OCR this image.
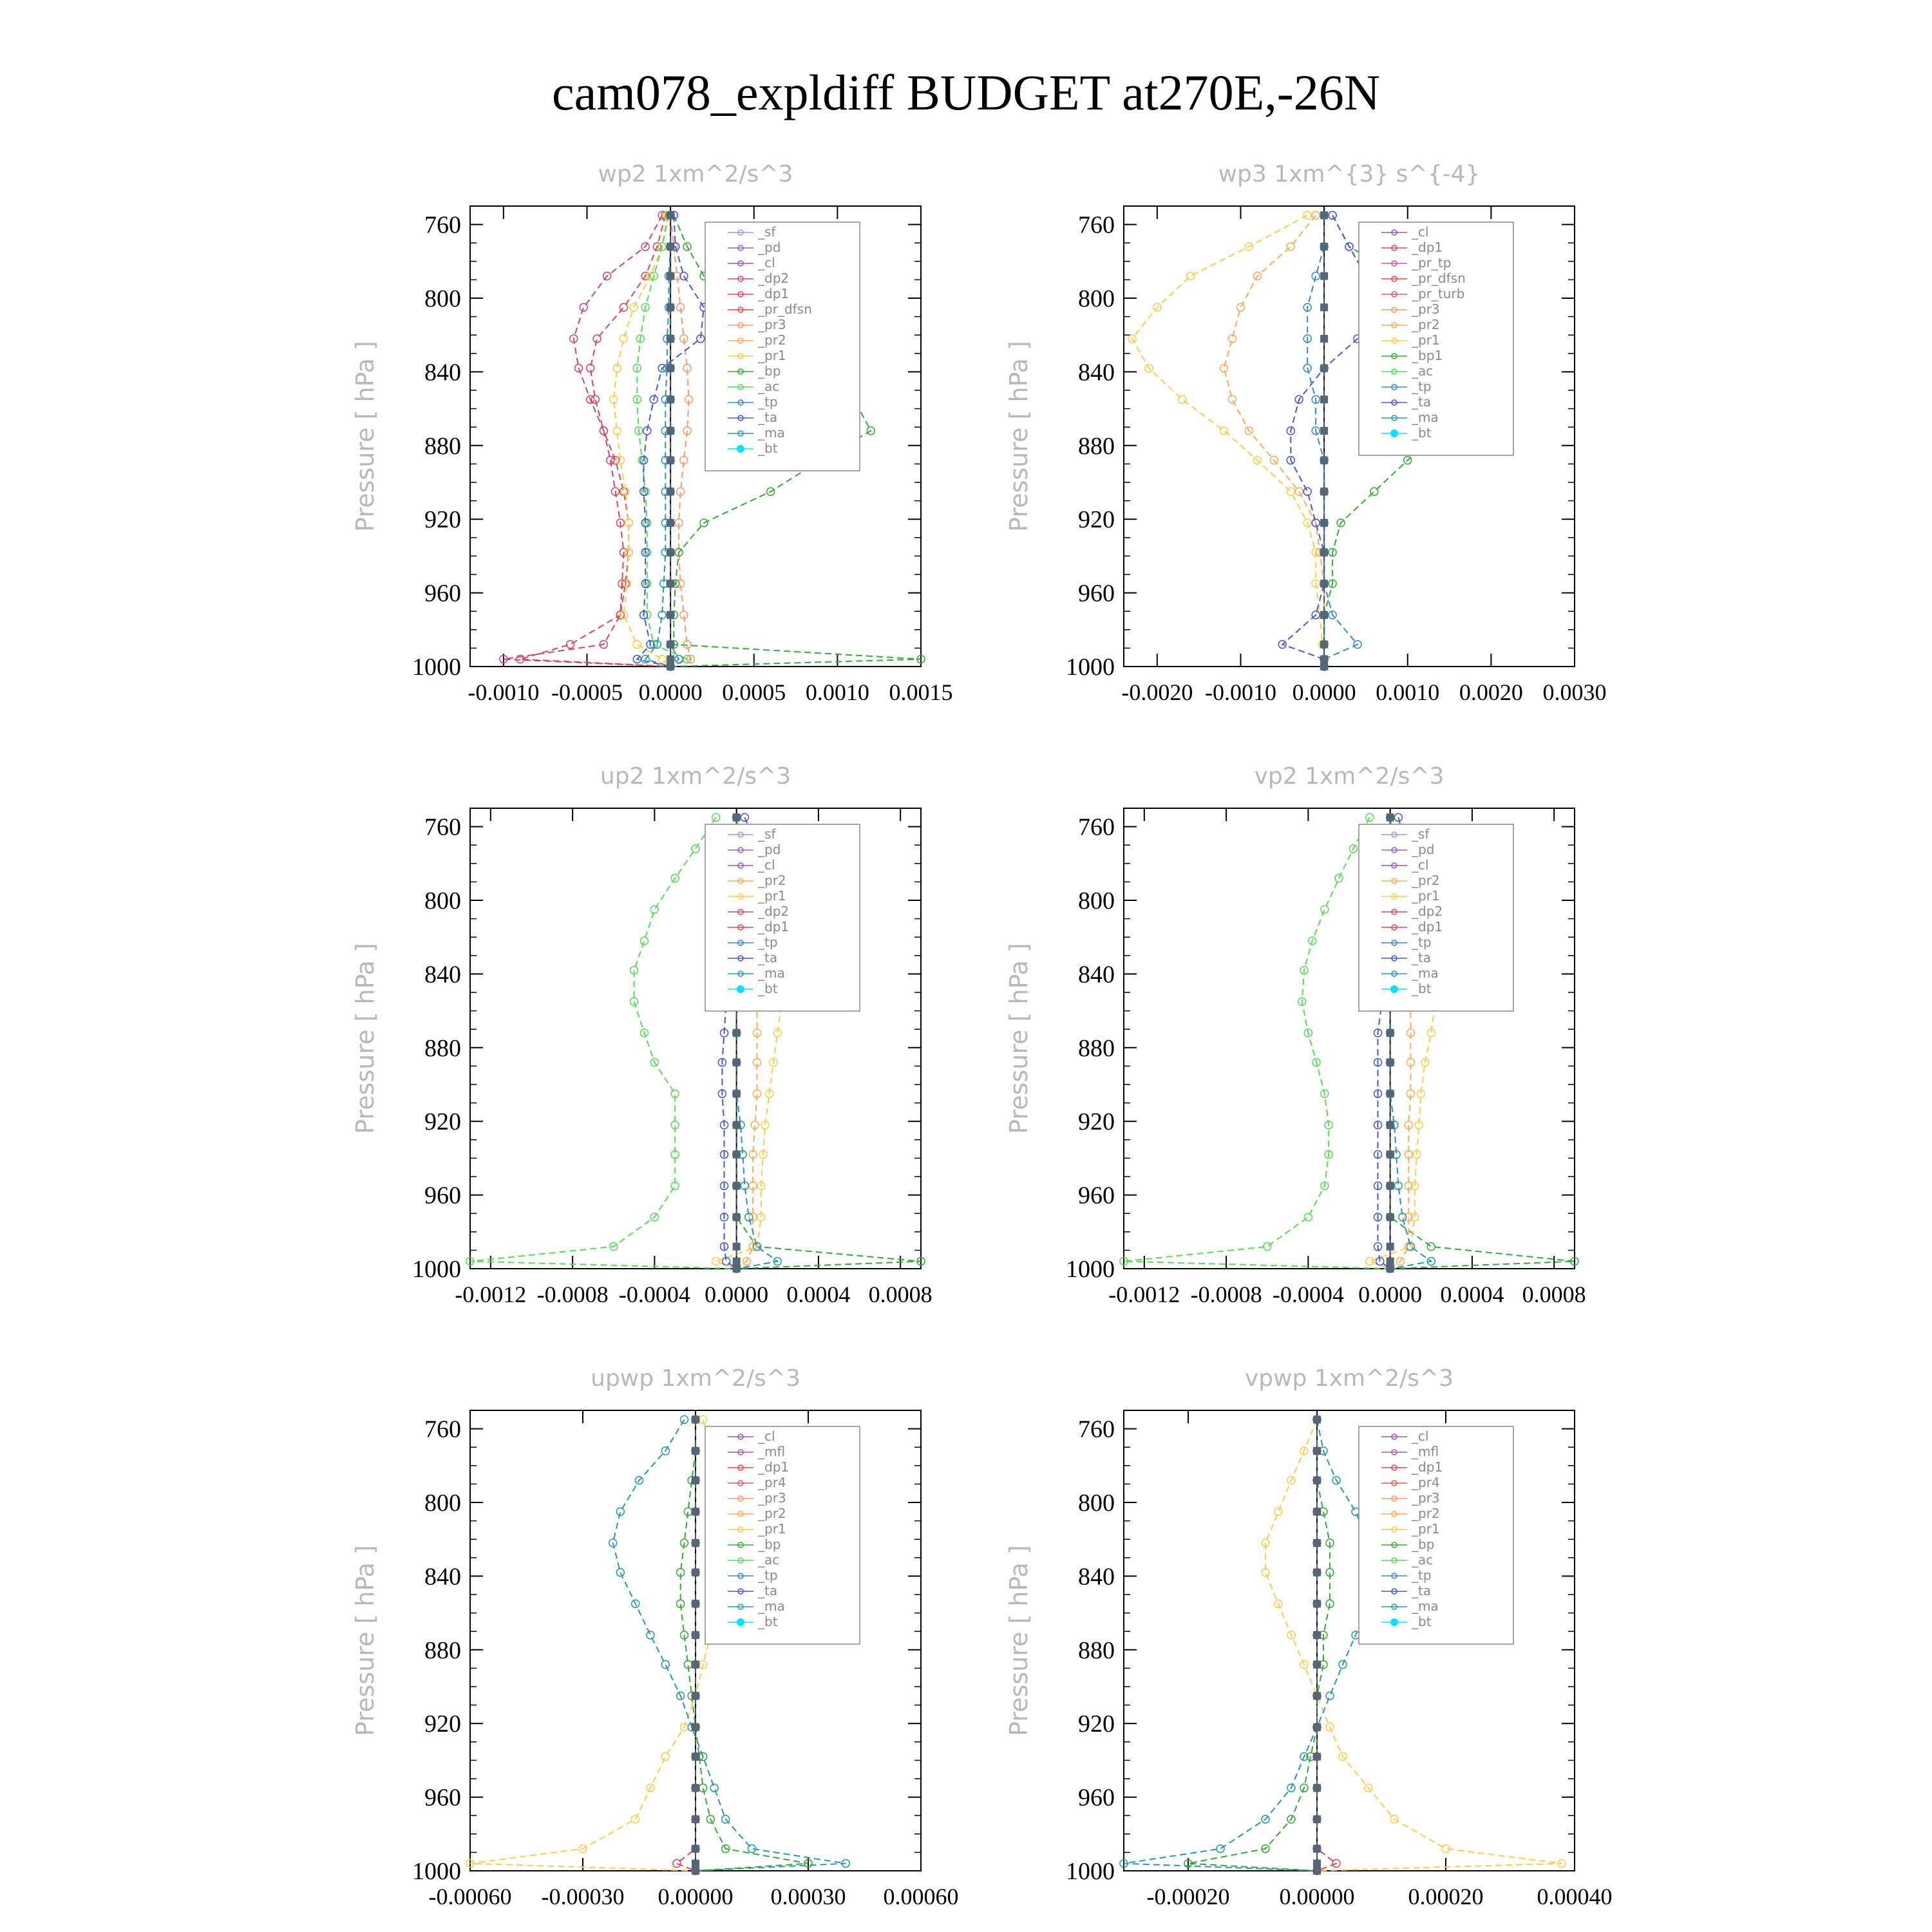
cam078_expldiff BUDGET at270E,-26N
wp2 1xm^2/s^3
Pressure [ hPa ]
760
800
840
880
920
960
1000
-0.0010 -0.0005 0.0000 0.0005 0.0010 0.0015
_sf
_pd
_cl
_dp2
_dp1
_pr_dfsn
_pr3
_pr2
_pr1
_bp
_ac
_tp
_ta
_ma
_bt
wp3 1xm^{3} s^{-4}
Pressure [ hPa ]
760
800
840
880
920
960
1000
-0.0020 -0.0010 0.0000 0.0010 0.0020 0.0030
_cl
_dp1
_pr_tp
_pr_dfsn
_pr_turb
_pr3
_pr2
_pr1
_bp1
_ac
_tp
_ta
_ma
_bt
up2 1xm^2/s^3
Pressure [ hPa ]
760
800
840
880
920
960
1000
-0.0012 -0.0008 -0.0004 0.0000 0.0004 0.0008
_sf
_pd
_cl
_pr2
_pr1
_dp2
_dp1
_tp
_ta
_ma
_bt
vp2 1xm^2/s^3
Pressure [ hPa ]
760
800
840
880
920
960
1000
-0.0012 -0.0008 -0.0004 0.0000 0.0004 0.0008
_sf
_pd
_cl
_pr2
_pr1
_dp2
_dp1
_tp
_ta
_ma
_bt
upwp 1xm^2/s^3
Pressure [ hPa ]
760
800
840
880
920
960
1000
-0.00060 -0.00030 0.00000 0.00030 0.00060
_cl
_mfl
_dp1
_pr4
_pr3
_pr2
_pr1
_bp
_ac
_tp
_ta
_ma
_bt
vpwp 1xm^2/s^3
Pressure [ hPa ]
760
800
840
880
920
960
1000
-0.00020 0.00000 0.00020 0.00040
_cl
_mfl
_dp1
_pr4
_pr3
_pr2
_pr1
_bp
_ac
_tp
_ta
_ma
_bt
